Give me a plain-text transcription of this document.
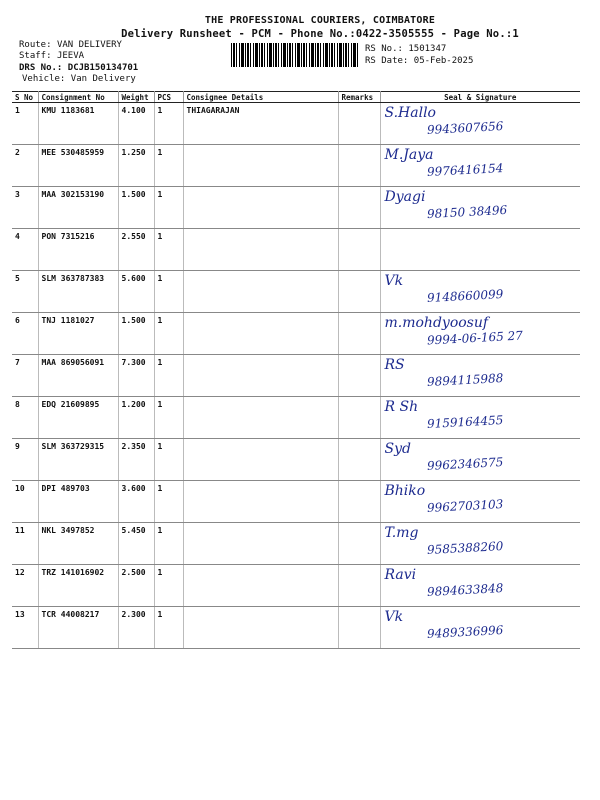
THE PROFESSIONAL COURIERS, COIMBATORE
Delivery Runsheet - PCM - Phone No.:0422-3505555 - Page No.:1
Route: VAN DELIVERY
Staff: JEEVA
DRS No.: DCJB150134701
Vehicle: Van Delivery
RS No.: 1501347
RS Date: 05-Feb-2025
S No	Consignment No	Weight	PCS	Consignee Details	Remarks	Seal & Signature
1	KMU 1183681	4.100	1	THIAGARAJAN		S.Hallo
9943607656

2	MEE 530485959	1.250	1			M.Jaya
9976416154

3	MAA 302153190	1.500	1			Dyagi
98150 38496

4	PON 7315216	2.550	1			

5	SLM 363787383	5.600	1			Vk
9148660099

6	TNJ 1181027	1.500	1			m.mohdyoosuf
9994-06-165 27

7	MAA 869056091	7.300	1			RS
9894115988

8	EDQ 21609895	1.200	1			R Sh
9159164455

9	SLM 363729315	2.350	1			Syd
9962346575

10	DPI 489703	3.600	1			Bhiko
9962703103

11	NKL 3497852	5.450	1			T.mg
9585388260

12	TRZ 141016902	2.500	1			Ravi
9894633848

13	TCR 44008217	2.300	1			Vk
9489336996
